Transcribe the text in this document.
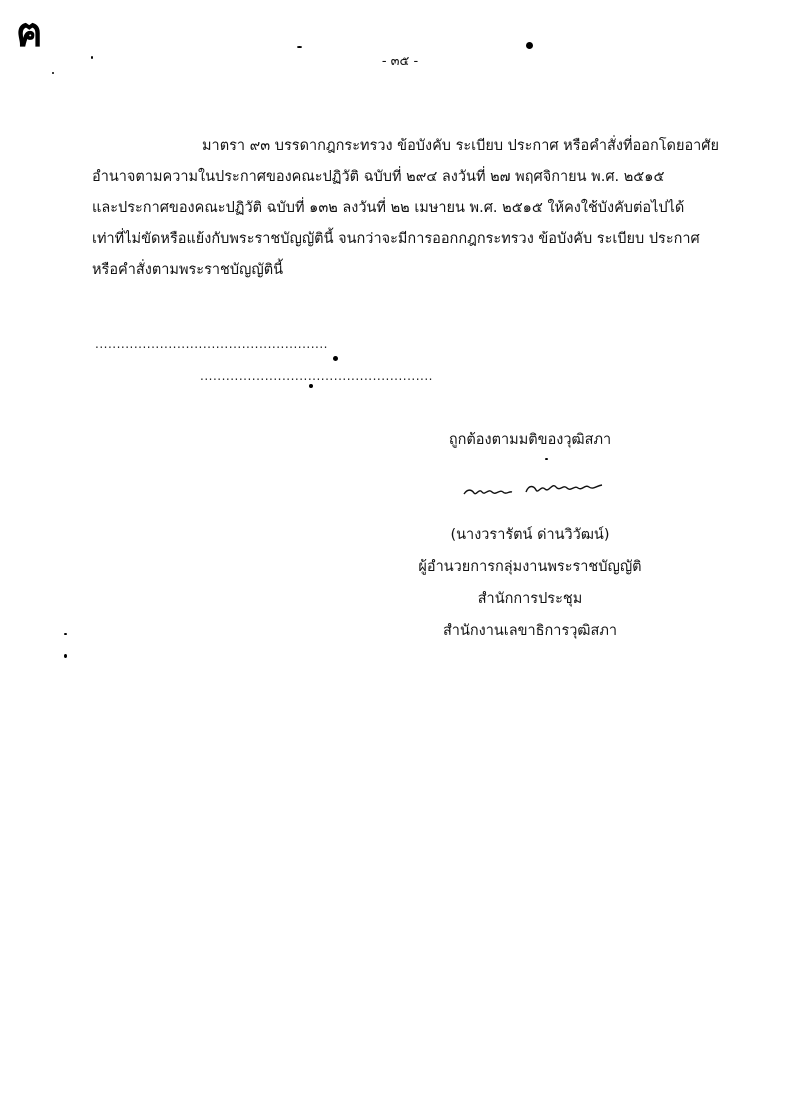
ฅ
- ๓๕ -
มาตรา ๙๓ บรรดากฎกระทรวง ข้อบังคับ ระเบียบ ประกาศ หรือคำสั่งที่ออกโดยอาศัย
อำนาจตามความในประกาศของคณะปฏิวัติ ฉบับที่ ๒๙๔ ลงวันที่ ๒๗ พฤศจิกายน พ.ศ. ๒๕๑๕
และประกาศของคณะปฏิวัติ ฉบับที่ ๑๓๒ ลงวันที่ ๒๒ เมษายน พ.ศ. ๒๕๑๕ ให้คงใช้บังคับต่อไปได้
เท่าที่ไม่ขัดหรือแย้งกับพระราชบัญญัตินี้ จนกว่าจะมีการออกกฎกระทรวง ข้อบังคับ ระเบียบ ประกาศ
หรือคำสั่งตามพระราชบัญญัตินี้
......................................................
......................................................
ถูกต้องตามมติของวุฒิสภา
(นางวรารัตน์ ด่านวิวัฒน์)
ผู้อำนวยการกลุ่มงานพระราชบัญญัติ
สำนักการประชุม
สำนักงานเลขาธิการวุฒิสภา
